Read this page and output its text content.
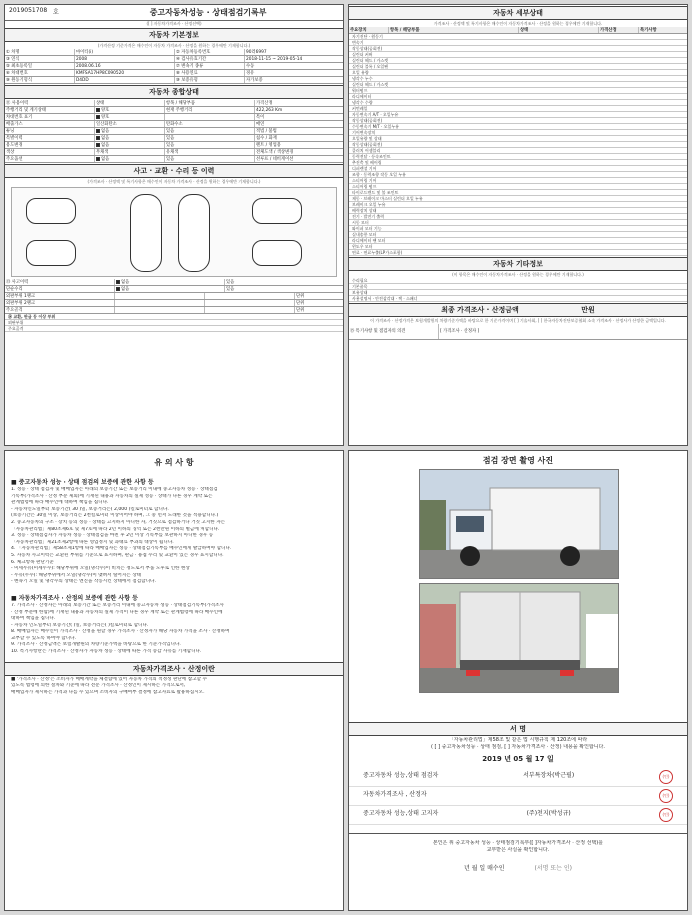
2019051708 호	중고자동차성능 · 상태점검기록부
([ ] 자동차가격조사 · 산정선택)
자동차 기본정보
(가격산정 기준가격은 매수인이 자동차 가격조사 · 산정을 원하는 경우에만 기재합니다.)
① 차명	마이티(i)	② 자동차등록번호	90러6997
③ 연식	2008	④ 검사유효기간	2018-11-15 ~ 2019-05-14
⑤ 최초등록일	2008.06.16	⑦ 변속기 종류	수동
⑥ 차대번호	KMFSA17HP8C090520	⑧ 사용연료	경유
⑨ 원동기형식	D4DD	⑩ 보증유형	자가보증
자동차 종합상태
⑪ 사용이력	상태	항목 / 해당부품	가격산정
주행거리 및 계기상태	양호	현재 주행거리	422,263 Km
차대번호 표기	양호	특이
배출가스	일산화탄소	탄화수소	매연
튜닝	없음	있음	적법 / 불법
특별이력	없음	있음	침수 / 화재
용도변경	없음	있음	렌트 / 영업용
색상	무채색	유채색	전체도색 / 색상변경
주요옵션	없음	있음	선루프 / 네비게이션
사고 · 교환 · 수리 등 이력
(가격조사 · 산정액 및 특기사항은 매수인이 자동차 가격조사 · 산정을 원하는 경우에만 기재합니다.)
⑬ 사고이력	없음	있음
단순수리	없음	있음
외판부위 1랭크	단위
외판부위 2랭크	단위
주요골격	단위
⑭ 교환, 판금 등 이상 부위
외판부위
주요골격
자동차 세부상태
가격조사 · 산정액 및 특기사항은 매수인이 자동차가격조사 · 산정을 원하는 경우에만 기재합니다.
주요장치	항목 / 해당부품	상태	가격산정	특기사항
자기진단 · 원동기
변속기
작동상태(공회전)
실린더 커버
실린더 헤드 / 가스켓
실린더 블록 / 오일팬
오일 유량
냉각수 누수
실린더 헤드 / 가스켓
워터펌프
라디에이터
냉각수 수량
커먼레일
자동변속기 A/T · 오일누유
작동상태(공회전)
수동변속기 M/T · 오일누유
기어변속장치
오일유량 및 상태
작동상태(공회전)
클러치 어셈블리
동력전달 · 등속조인트
추진축 및 베어링
디퍼렌셜 기어
조향 · 동력조향 작동 오일 누유
스티어링 기어
스티어링 펌프
타이로드엔드 및 볼 조인트
제동 · 브레이크 마스터 실린더 오일 누유
브레이크 오일 누유
배력장치 상태
전기 · 발전기 출력
시동 모터
와이퍼 모터 기능
실내송풍 모터
라디에이터 팬 모터
윈도우 모터
연료 · 연료누출(LP가스포함)
자동차 기타정보
(이 항목은 매수인이 자동차가격조사 · 산정을 원하는 경우에만 기재합니다.)
수리필요
기본품목
보유상태
사용설명서 · 안전삼각대 · 잭 · 스패너
최종 가격조사 · 산정금액	만원
이 가격조사 · 산정가격은 보험개발원의 차량기준가액을 바탕으로 한 기준가격이며 [ ] 기술사회, [ ] 한국자동차진단보증협회 소속 가격조사 · 산정사가 산정한 금액입니다.
⑮ 특기사항 및 점검자의 의견	[ 가격조사 · 산정자 ]
유 의 사 항
■ 중고자동차 성능 · 상태 점검의 보증에 관한 사항 등

1. 성능 · 상태 점검자 및 매매업자는 아래의 보증기간 또는 보증거리 이내에 중고자동차 성능 · 상태점검

기록부(가격조사 · 산정 부분 제외)에 기재된 내용과 자동차의 실제 성능 · 상태가 다른 경우 계약 또는

관계법령에 따라 매수인에 대하여 책임을 집니다.

- 자동차인도일부터 보증기간( 30 )일, 보증거리는( 2,000 )킬로미터로 합니다.

(보증기간은 30일 이상, 보증거리는 2천킬로미터 이상이어야 하며, 그 중 먼저 도래한 것을 적용합니다.)

2. 중고자동차의 구조 · 장치 등의 성능 · 상태를 고지하지 아니한 자, 거짓으로 점검하거나 거짓 고지한 자는

「자동차관리법」제80조제6호 및 제7호에 따라 2년 이하의 징역 또는 2천만원 이하의 벌금에 처합니다.

3. 성능 · 상태점검자가 자동차 성능 · 상태점검을 마친 후 2년 이상 기록부를 보관하지 아니한 경우 등

「자동차관리법」제21조제2항에 따른 영업정지 및 과태료 부과의 대상이 됩니다.

4. 「자동차관리법」제58조제1항에 따라 매매업자는 성능 · 상태점검기록부를 매수인에게 발급하여야 합니다.

5. 자동차 사고이력은 교환된 부위를 기준으로 표시하며, 판금 · 용접 수리 및 교환이 있는 경우 표시합니다.

6. 체크항목 판단기준

- 미세누유(미세누수): 해당부위에 오일(냉각수)이 비치는 정도로서 부품 노후로 인한 현상

- 누유(누수): 해당부위에서 오일(냉각수)이 맺혀서 떨어지는 상태

- 변속기 오일 및 냉각수의 상태는 엔진을 작동시킨 상태에서 점검합니다.

■ 자동차가격조사 · 산정의 보증에 관한 사항 등

7. 가격조사 · 산정자는 아래의 보증기간 또는 보증거리 이내에 중고자동차 성능 · 상태점검기록부(가격조사

· 산정 부분에 한함)에 기재된 내용과 자동차의 실제 가격이 다른 경우 계약 또는 관계법령에 따라 매수인에

대하여 책임을 집니다.

- 자동차 인도일부터 보증기간( )일, 보증거리는( )킬로미터로 합니다.

8. 매매업자는 매수인이 가격조사 · 산정을 원할 경우 가격조사 · 산정자가 해당 자동차 가격을 조사 · 산정하여

교부할 수 있도록 하여야 합니다.

9. 가격조사 · 산정금액은 보험개발원의 차량기준가액을 바탕으로 한 기준가격입니다.

10. 특기사항란은 가격조사 · 산정자가 자동차 성능 · 상태에 따른 가격 증감 사유를 기재합니다.

자동차가격조사 · 산정이란

■ '가격조사 · 산정'은 소비자가 매매계약을 체결함에 있어 자동차 가격의 적정성 판단에 참고할 수

있도록 법령에 의한 절차와 기준에 따라 전문 가격조사 · 산정인이 제시하는 가격으로서,

매매업자가 제시하는 가격과 다를 수 있으며 소비자의 구매여부 결정에 참고자료로 활용하십시오.

점검 장면 촬영 사진
서 명

「자동차관리법」제58조 및 같은 법 시행규칙 제 120조에 따라

( [ ] 중고자동차성능 · 상태 점검, [ ] 자동차가격조사 · 산정) 내용을 확인합니다.

2019 년 05 월 17 일
중고자동차 성능,상태 점검자	서부특장차(박근필)	(인)
자동차가격조사 , 산정자	(인)
중고자동차 성능,상태 고지자	(주)천지(박성규)	(인)

본인은 위 중고자동차 성능 · 상태점검기록부([ ]자동차가격조사 · 산정 선택)를

교부받은 사실을 확인합니다.

년 월 일 매수인	(서명 또는 인)
